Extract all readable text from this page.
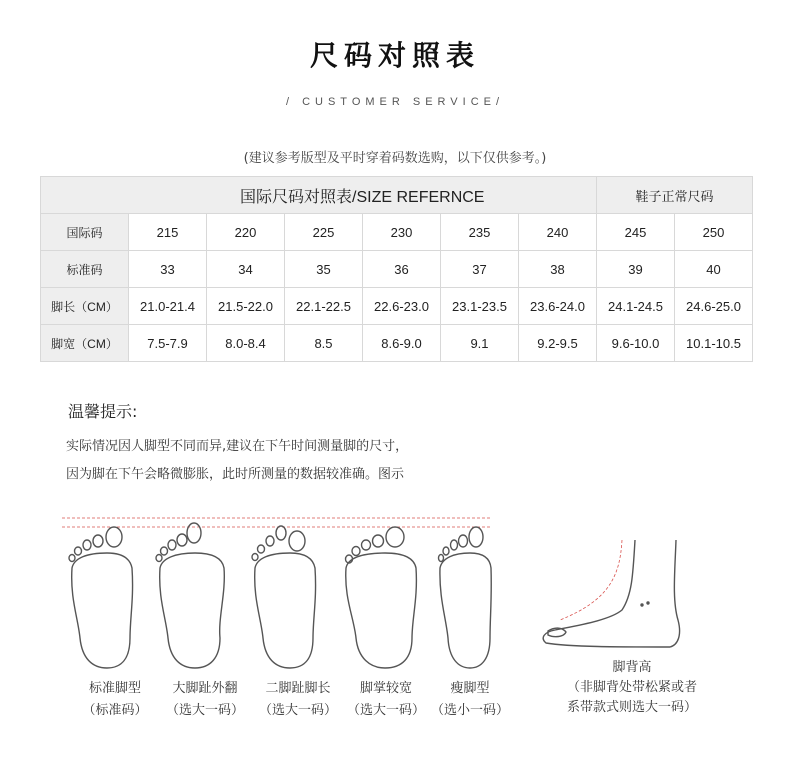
尺码对照表
/ CUSTOMER SERVICE/
(建议参考版型及平时穿着码数选购，以下仅供参考。)
	国际尺码对照表/SIZE REFERNCE						鞋子正常尺码	
国际码	215	220	225	230	235	240	245	250
标准码	33	34	35	36	37	38	39	40
脚长（CM）	21.0-21.4	21.5-22.0	22.1-22.5	22.6-23.0	23.1-23.5	23.6-24.0	24.1-24.5	24.6-25.0
脚宽（CM）	7.5-7.9	8.0-8.4	8.5	8.6-9.0	9.1	9.2-9.5	9.6-10.0	10.1-10.5
温馨提示:
实际情况因人脚型不同而异,建议在下午时间测量脚的尺寸，
因为脚在下午会略微膨胀，此时所测量的数据较准确。图示
标准脚型
（标准码）
大脚趾外翻
（选大一码）
二脚趾脚长
（选大一码）
脚掌较宽
（选大一码）
瘦脚型
（选小一码）
脚背高
（非脚背处带松紧或者
系带款式则选大一码）
